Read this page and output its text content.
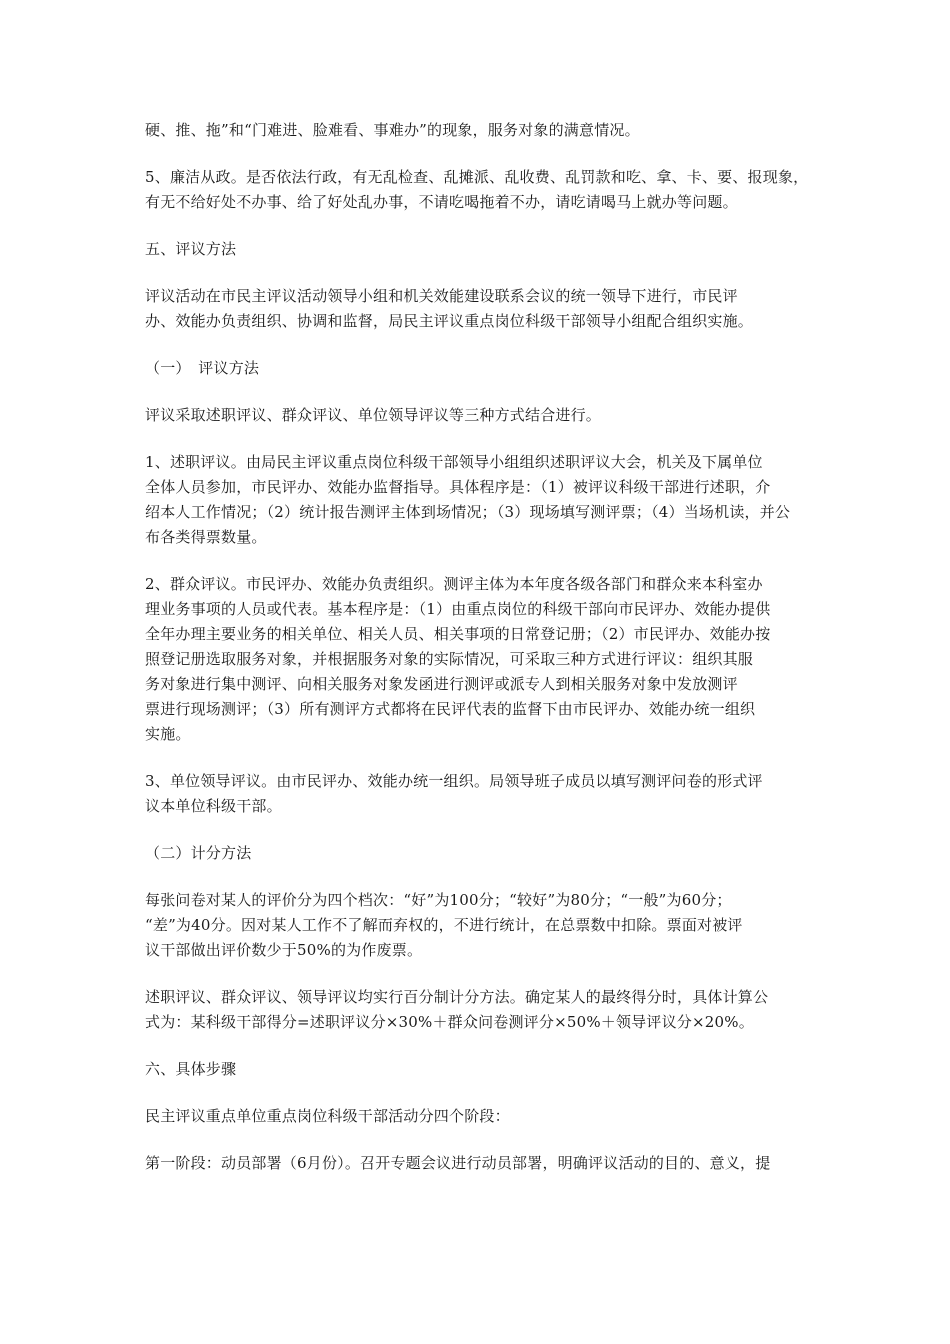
硬、推、拖”和“门难进、脸难看、事难办”的现象，服务对象的满意情况。

5、廉洁从政。是否依法行政，有无乱检查、乱摊派、乱收费、乱罚款和吃、拿、卡、要、报现象，
有无不给好处不办事、给了好处乱办事，不请吃喝拖着不办，请吃请喝马上就办等问题。

五、评议方法

评议活动在市民主评议活动领导小组和机关效能建设联系会议的统一领导下进行，市民评
办、效能办负责组织、协调和监督，局民主评议重点岗位科级干部领导小组配合组织实施。

（一）　评议方法

评议采取述职评议、群众评议、单位领导评议等三种方式结合进行。

1、述职评议。由局民主评议重点岗位科级干部领导小组组织述职评议大会，机关及下属单位
全体人员参加，市民评办、效能办监督指导。具体程序是：（1）被评议科级干部进行述职，介
绍本人工作情况；（2）统计报告测评主体到场情况；（3）现场填写测评票；（4）当场机读，并公
布各类得票数量。

2、群众评议。市民评办、效能办负责组织。测评主体为本年度各级各部门和群众来本科室办
理业务事项的人员或代表。基本程序是：（1）由重点岗位的科级干部向市民评办、效能办提供
全年办理主要业务的相关单位、相关人员、相关事项的日常登记册；（2）市民评办、效能办按
照登记册选取服务对象，并根据服务对象的实际情况，可采取三种方式进行评议：组织其服
务对象进行集中测评、向相关服务对象发函进行测评或派专人到相关服务对象中发放测评
票进行现场测评；（3）所有测评方式都将在民评代表的监督下由市民评办、效能办统一组织
实施。

3、单位领导评议。由市民评办、效能办统一组织。局领导班子成员以填写测评问卷的形式评
议本单位科级干部。

（二）计分方法

每张问卷对某人的评价分为四个档次：“好”为100分；“较好”为80分；“一般”为60分；
“差”为40分。因对某人工作不了解而弃权的，不进行统计，在总票数中扣除。票面对被评
议干部做出评价数少于50%的为作废票。

述职评议、群众评议、领导评议均实行百分制计分方法。确定某人的最终得分时，具体计算公
式为：某科级干部得分=述职评议分×30%＋群众问卷测评分×50%＋领导评议分×20%。

六、具体步骤

民主评议重点单位重点岗位科级干部活动分四个阶段：

第一阶段：动员部署（6月份）。召开专题会议进行动员部署，明确评议活动的目的、意义，提
